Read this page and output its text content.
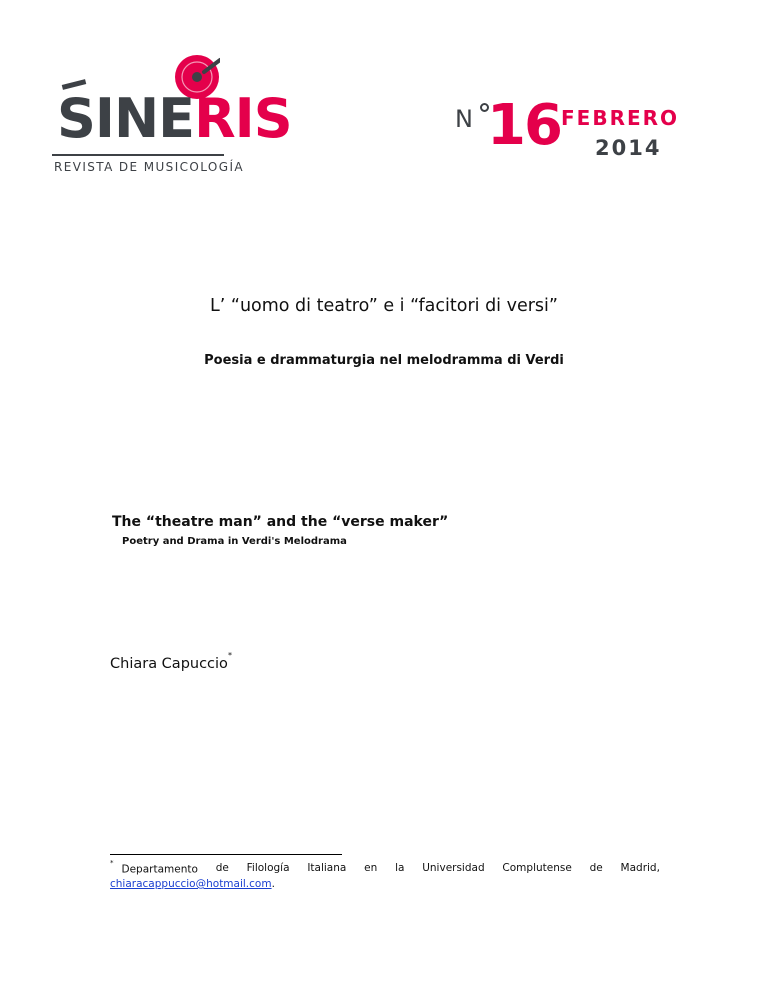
SINERIS

REVISTA DE MUSICOLOGÍA

N 16 FEBRERO

2014

L’ “uomo di teatro” e i “facitori di versi”
Poesia e drammaturgia nel melodramma di Verdi
The “theatre man” and the “verse maker”

Poetry and Drama in Verdi's Melodrama

Chiara Capuccio*

*Departamento de Filología Italiana en la Universidad Complutense de Madrid,

chiaracappuccio@hotmail.com.
